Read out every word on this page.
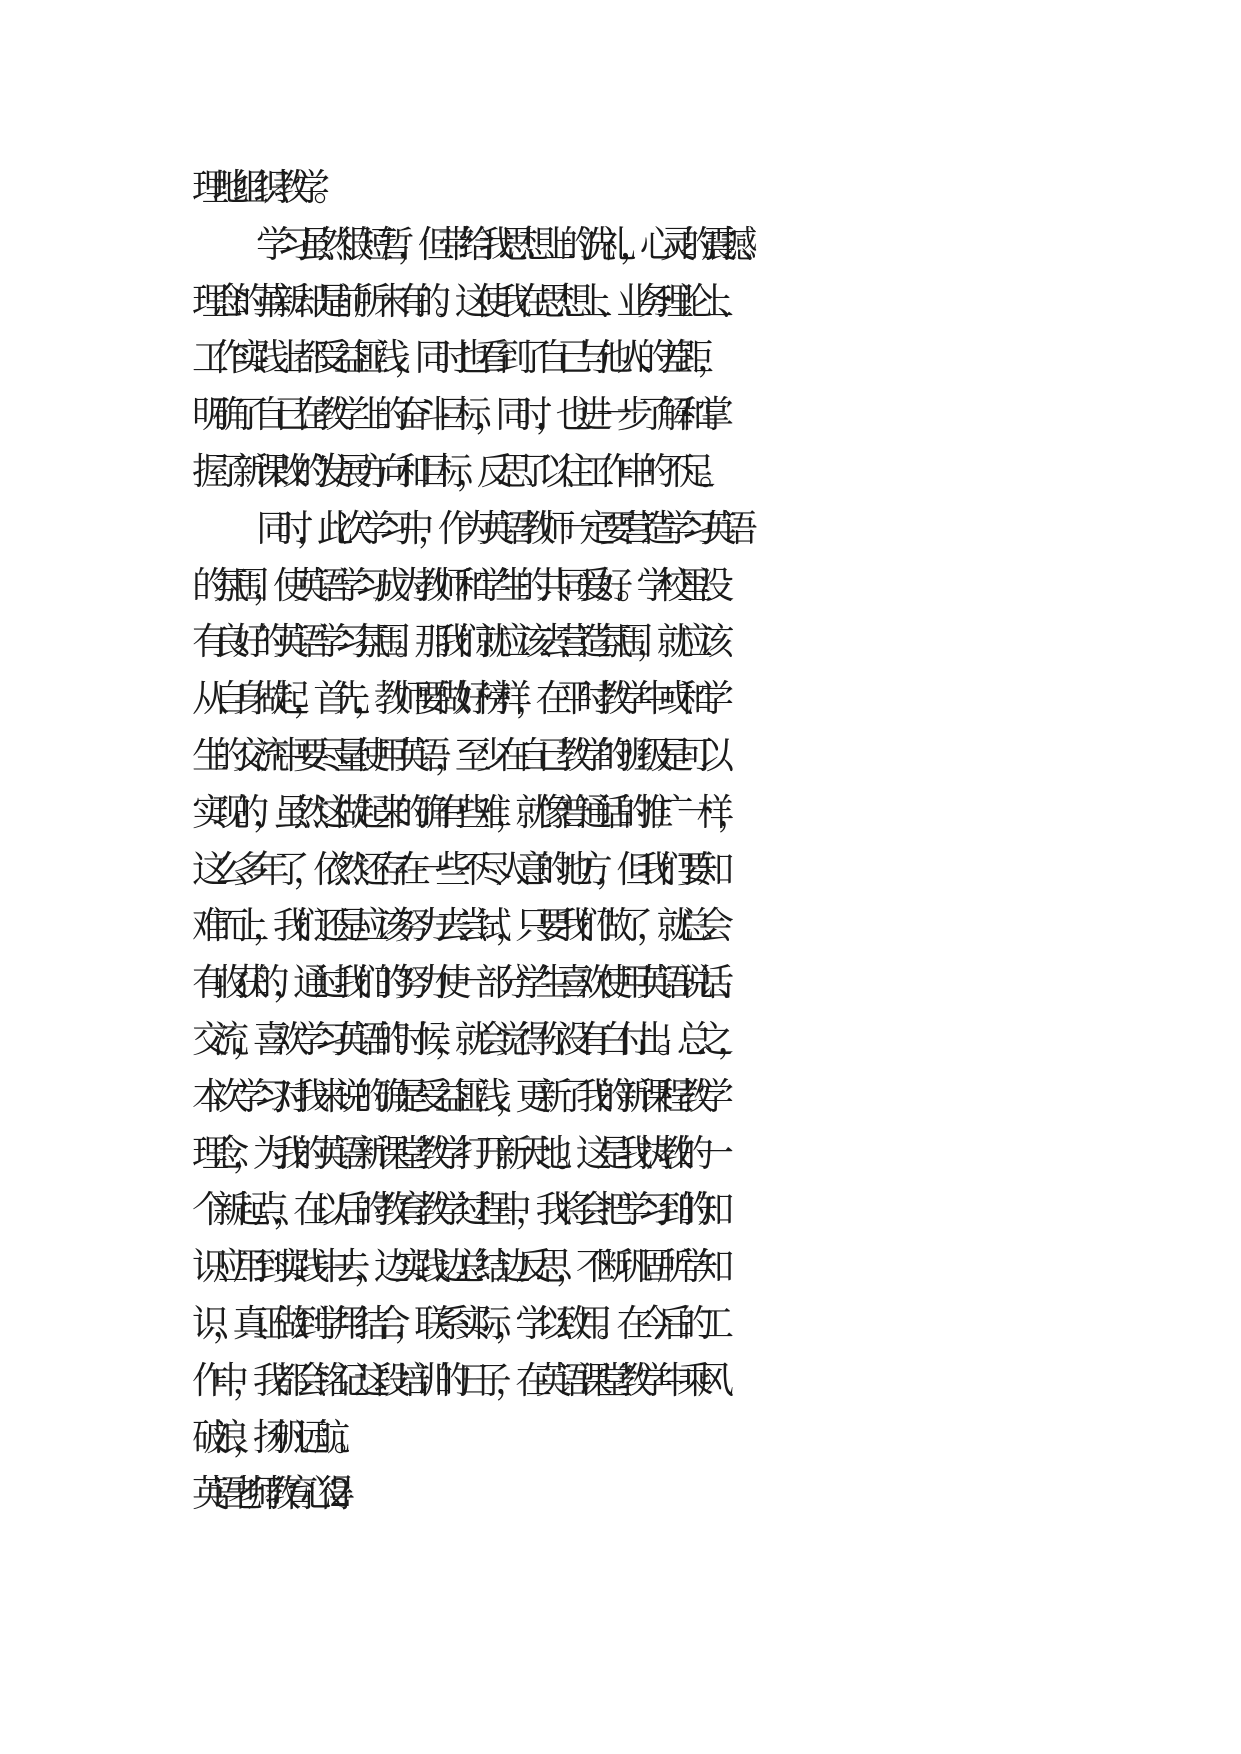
理地组织教学。
学习虽然很短暂，但带给我思想上的洗礼，心灵的震撼、
理念的革新却是前所未有的。这使我在思想上、业务理论上、
工作实践上都受益匪浅，同时也看到了自己与他人的差距，
明确了自己在教学上的奋斗目标，同时，也进一步了解和掌
握了新课改的`发展方向和目标，反思了以往工作中的不足。
同时，此次学习中，作为英语教师一定要营造学习英语
的氛围，使英语学习成为教师和学生的共同爱好。学校里没
有良好的英语学习氛围。那我们就应该去营造氛围，就应该
从自身做起，首先，教师要做好榜样，在平时教学中或和学
生的交流中要尽量使用英语，至少在自己教学的班级是可以
实现的，虽然这做起来的确有些难，就像普通话的推广一样，
这么多年了，依然还存在一些不尽人意的地方，但我们要知
难而上，我们还是应该努力去尝试，只要我们做了，就总会
有收获的，通过我们的努力使一部分学生喜欢使用英语说话、
交流，喜欢学习英语的时候，就会觉得你没有白付出。总之，
本次学习对我来说的确是受益匪浅，更新了我的新课程教学
理念，为我的英语新课堂教学打开新天地。这是我执教的一
个新起点，在以后的教育教学过程中，我将会把学习到的知
识应用到实践中去，边实践边总结边反思，不断巩固所学知
识，真正做到学用结合，联系实际，学以致用。在今后的工
作中，我都会铭记这段培训的日子，在英语课堂教学中乘风
破浪，扬帆远航。
英语老师教育心得 2
